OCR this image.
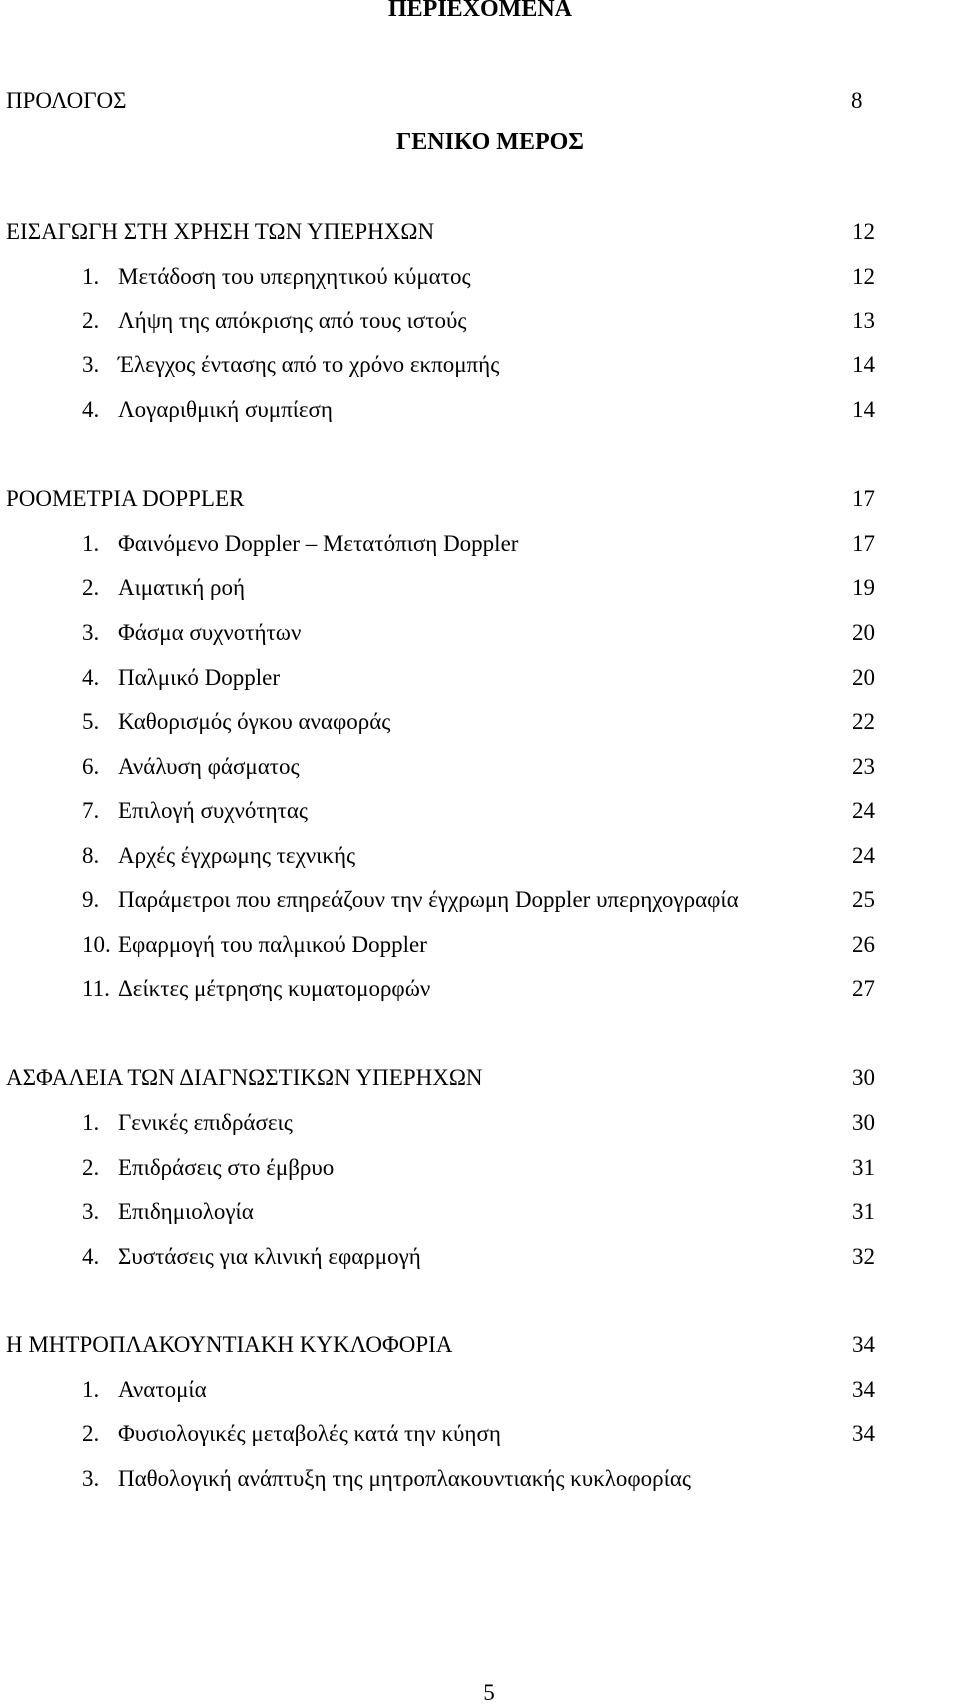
ΠΕΡΙΕΧΟΜΕΝΑ
ΠΡΟΛΟΓΟΣ	8
ΓΕΝΙΚΟ ΜΕΡΟΣ
ΕΙΣΑΓΩΓΗ ΣΤΗ ΧΡΗΣΗ ΤΩΝ ΥΠΕΡΗΧΩΝ	12
1. Μετάδοση του υπερηχητικού κύματος	12
2. Λήψη της απόκρισης από τους ιστούς	13
3. Έλεγχος έντασης από το χρόνο εκπομπής	14
4. Λογαριθμική συμπίεση	14
ΡΟΟΜΕΤΡΙΑ DOPPLER	17
1. Φαινόμενο Doppler – Μετατόπιση Doppler	17
2. Αιματική ροή	19
3. Φάσμα συχνοτήτων	20
4. Παλμικό Doppler	20
5. Καθορισμός όγκου αναφοράς	22
6. Ανάλυση φάσματος	23
7. Επιλογή συχνότητας	24
8. Αρχές έγχρωμης τεχνικής	24
9. Παράμετροι που επηρεάζουν την έγχρωμη Doppler υπερηχογραφία	25
10. Εφαρμογή του παλμικού Doppler	26
11. Δείκτες μέτρησης κυματομορφών	27
ΑΣΦΑΛΕΙΑ ΤΩΝ ΔΙΑΓΝΩΣΤΙΚΩΝ ΥΠΕΡΗΧΩΝ	30
1. Γενικές επιδράσεις	30
2. Επιδράσεις στο έμβρυο	31
3. Επιδημιολογία	31
4. Συστάσεις για κλινική εφαρμογή	32
Η ΜΗΤΡΟΠΛΑΚΟΥΝΤΙΑΚΗ ΚΥΚΛΟΦΟΡΙΑ	34
1. Ανατομία	34
2. Φυσιολογικές μεταβολές κατά την κύηση	34
3. Παθολογική ανάπτυξη της μητροπλακουντιακής κυκλοφορίας
5
